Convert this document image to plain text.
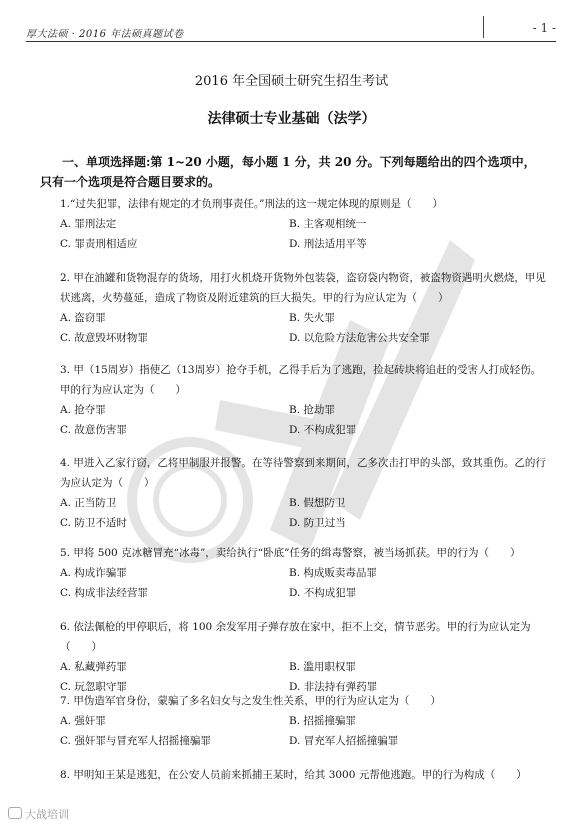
厚大法硕 · 2016 年法硕真题试卷	- 1 -
2016 年全国硕士研究生招生考试
法律硕士专业基础（法学）
一、单项选择题:第 1~20 小题，每小题 1 分，共 20 分。下列每题给出的四个选项中，只有一个选项是符合题目要求的。
1.“过失犯罪，法律有规定的才负刑事责任。”刑法的这一规定体现的原则是（　　）
A. 罪刑法定	B. 主客观相统一
C. 罪责刑相适应	D. 刑法适用平等
2. 甲在油罐和货物混存的货场，用打火机烧开货物外包装袋，盗窃袋内物资，被盗物资遇明火燃烧，甲见状逃离，火势蔓延，造成了物资及附近建筑的巨大损失。甲的行为应认定为（　　）
A. 盗窃罪	B. 失火罪
C. 故意毁坏财物罪	D. 以危险方法危害公共安全罪
3. 甲（15周岁）指使乙（13周岁）抢夺手机，乙得手后为了逃跑，捡起砖块将追赶的受害人打成轻伤。甲的行为应认定为（　　）
A. 抢夺罪	B. 抢劫罪
C. 故意伤害罪	D. 不构成犯罪
4. 甲进入乙家行窃，乙将甲制服并报警。在等待警察到来期间，乙多次击打甲的头部，致其重伤。乙的行为应认定为（　　）
A. 正当防卫	B. 假想防卫
C. 防卫不适时	D. 防卫过当
5. 甲将 500 克冰糖冒充“冰毒”，卖给执行“卧底”任务的缉毒警察，被当场抓获。甲的行为（　　）
A. 构成诈骗罪	B. 构成贩卖毒品罪
C. 构成非法经营罪	D. 不构成犯罪
6. 依法佩枪的甲停职后，将 100 余发军用子弹存放在家中，拒不上交，情节恶劣。甲的行为应认定为（　　）
A. 私藏弹药罪	B. 滥用职权罪
C. 玩忽职守罪	D. 非法持有弹药罪
7. 甲伪造军官身份，蒙骗了多名妇女与之发生性关系，甲的行为应认定为（　　）
A. 强奸罪	B. 招摇撞骗罪
C. 强奸罪与冒充军人招摇撞骗罪	D. 冒充军人招摇撞骗罪
8. 甲明知王某是逃犯，在公安人员前来抓捕王某时，给其 3000 元帮他逃跑。甲的行为构成（　　）
大战培训
